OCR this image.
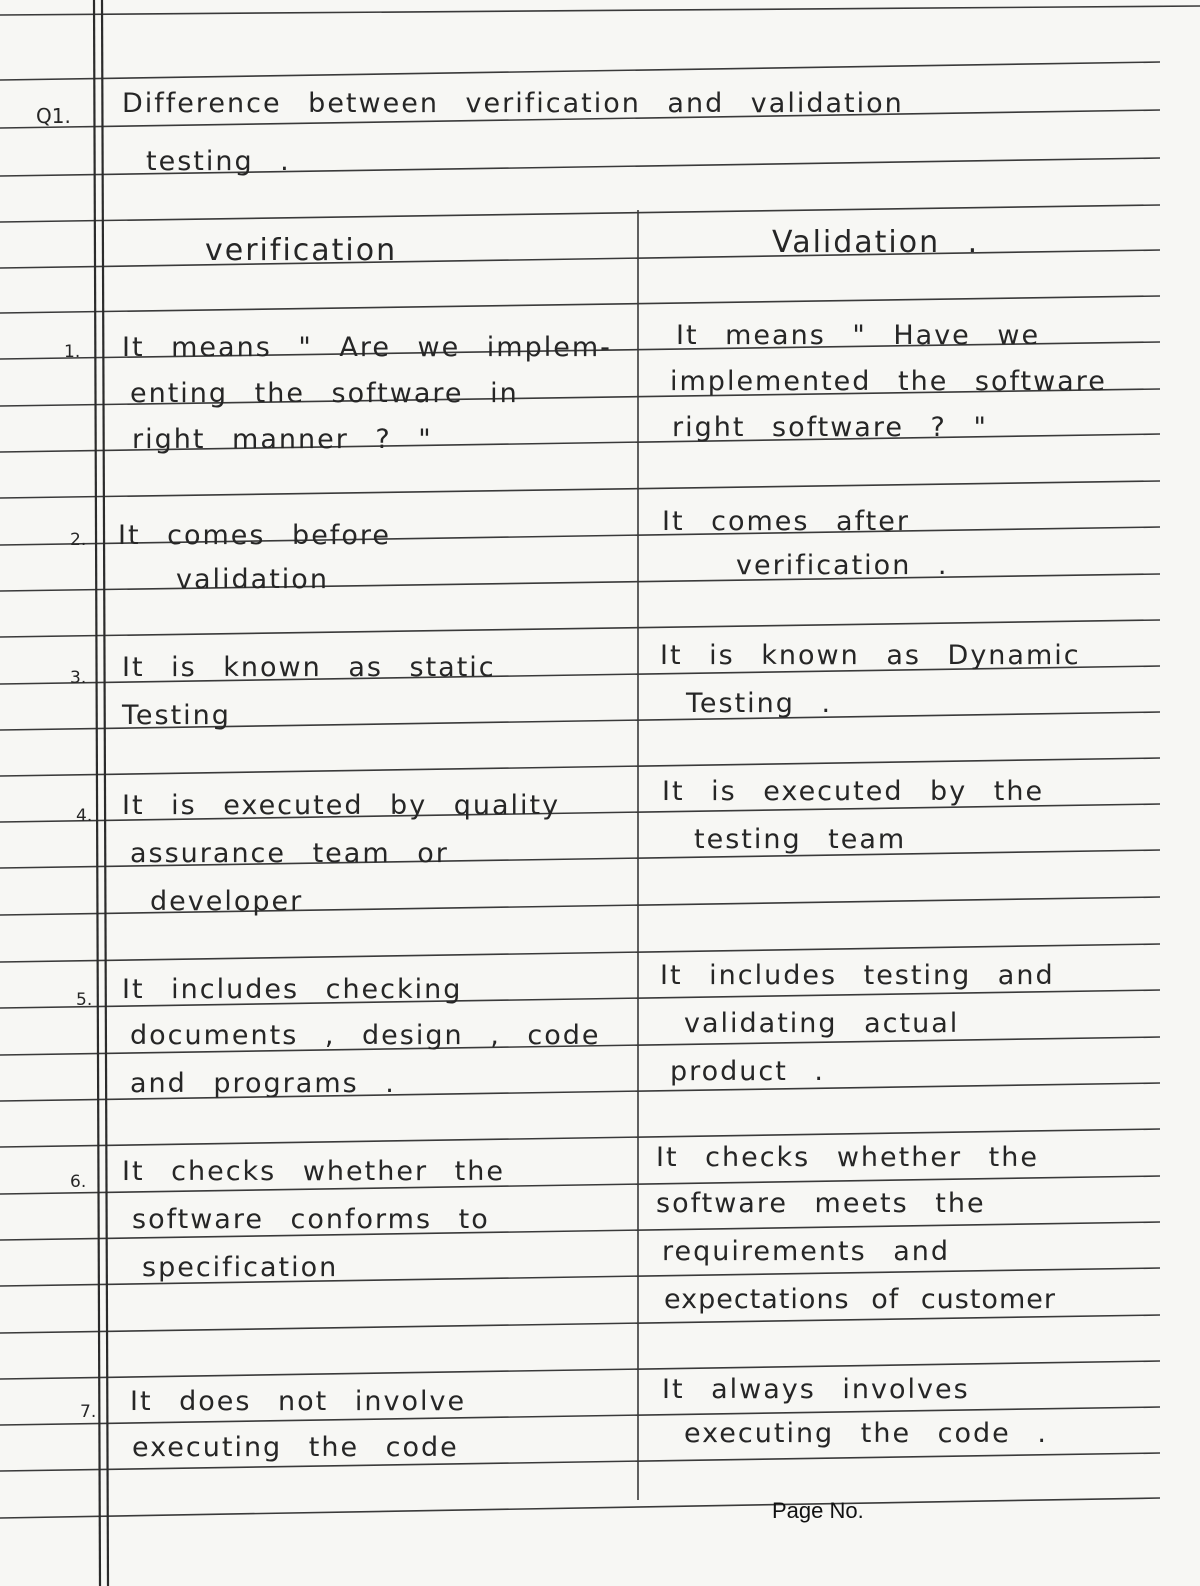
Q1. Difference between verification and validation
testing .
verification	Validation .
1. It means " Are we implem-
enting the software in
right manner ? "
It means " Have we
implemented the software
right software ? "
2. It comes before
validation
It comes after
verification .
3. It is known as static
Testing
It is known as Dynamic
Testing .
4. It is executed by quality
assurance team or
developer
It is executed by the
testing team
5. It includes checking
documents , design , code
and programs .
It includes testing and
validating actual
product .
6. It checks whether the
software conforms to
specification
It checks whether the
software meets the
requirements and
expectations of customer
7. It does not involve
executing the code
It always involves
executing the code .
Page No.
